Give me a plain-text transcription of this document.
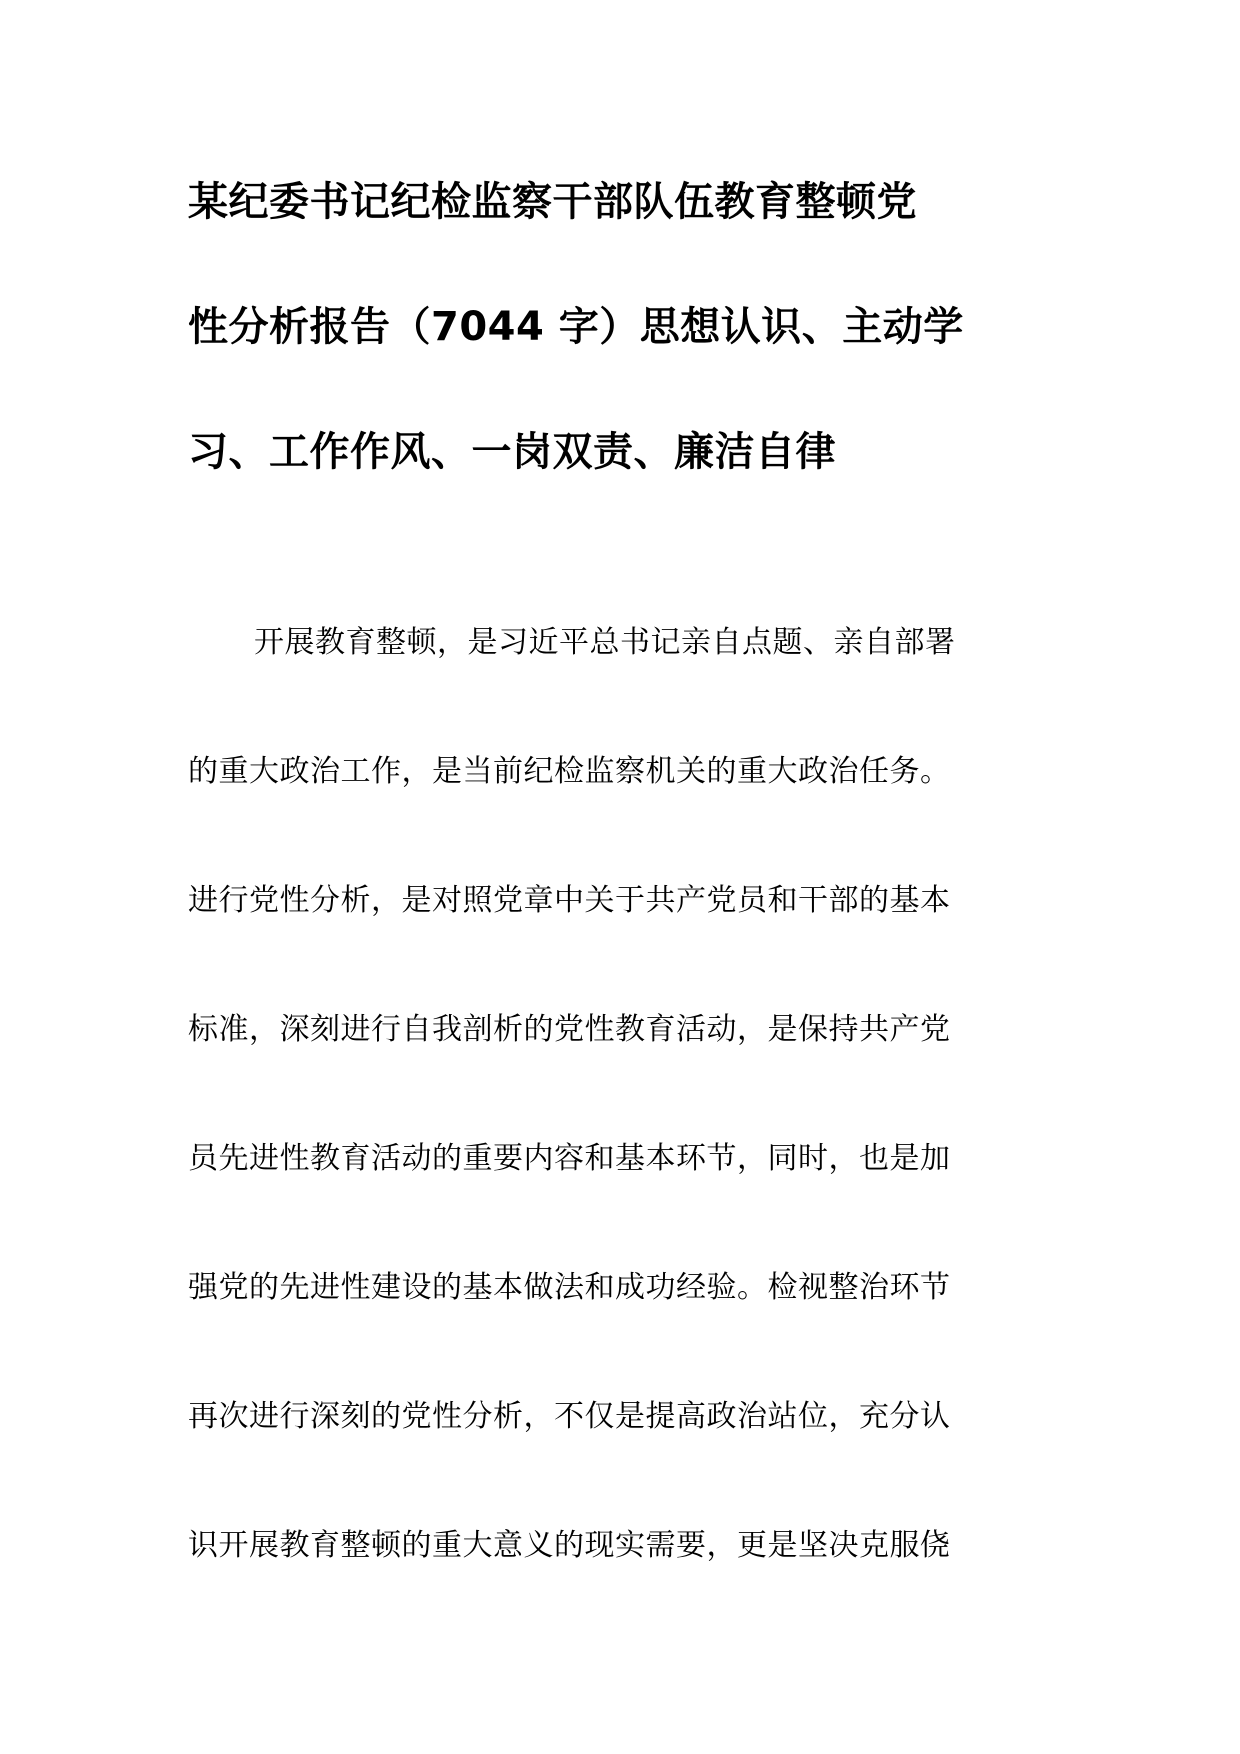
某纪委书记纪检监察干部队伍教育整顿党
性分析报告（7044 字）思想认识、主动学
习、工作作风、一岗双责、廉洁自律
开展教育整顿，是习近平总书记亲自点题、亲自部署
的重大政治工作，是当前纪检监察机关的重大政治任务。
进行党性分析，是对照党章中关于共产党员和干部的基本
标准，深刻进行自我剖析的党性教育活动，是保持共产党
员先进性教育活动的重要内容和基本环节，同时，也是加
强党的先进性建设的基本做法和成功经验。检视整治环节
再次进行深刻的党性分析，不仅是提高政治站位，充分认
识开展教育整顿的重大意义的现实需要，更是坚决克服侥
